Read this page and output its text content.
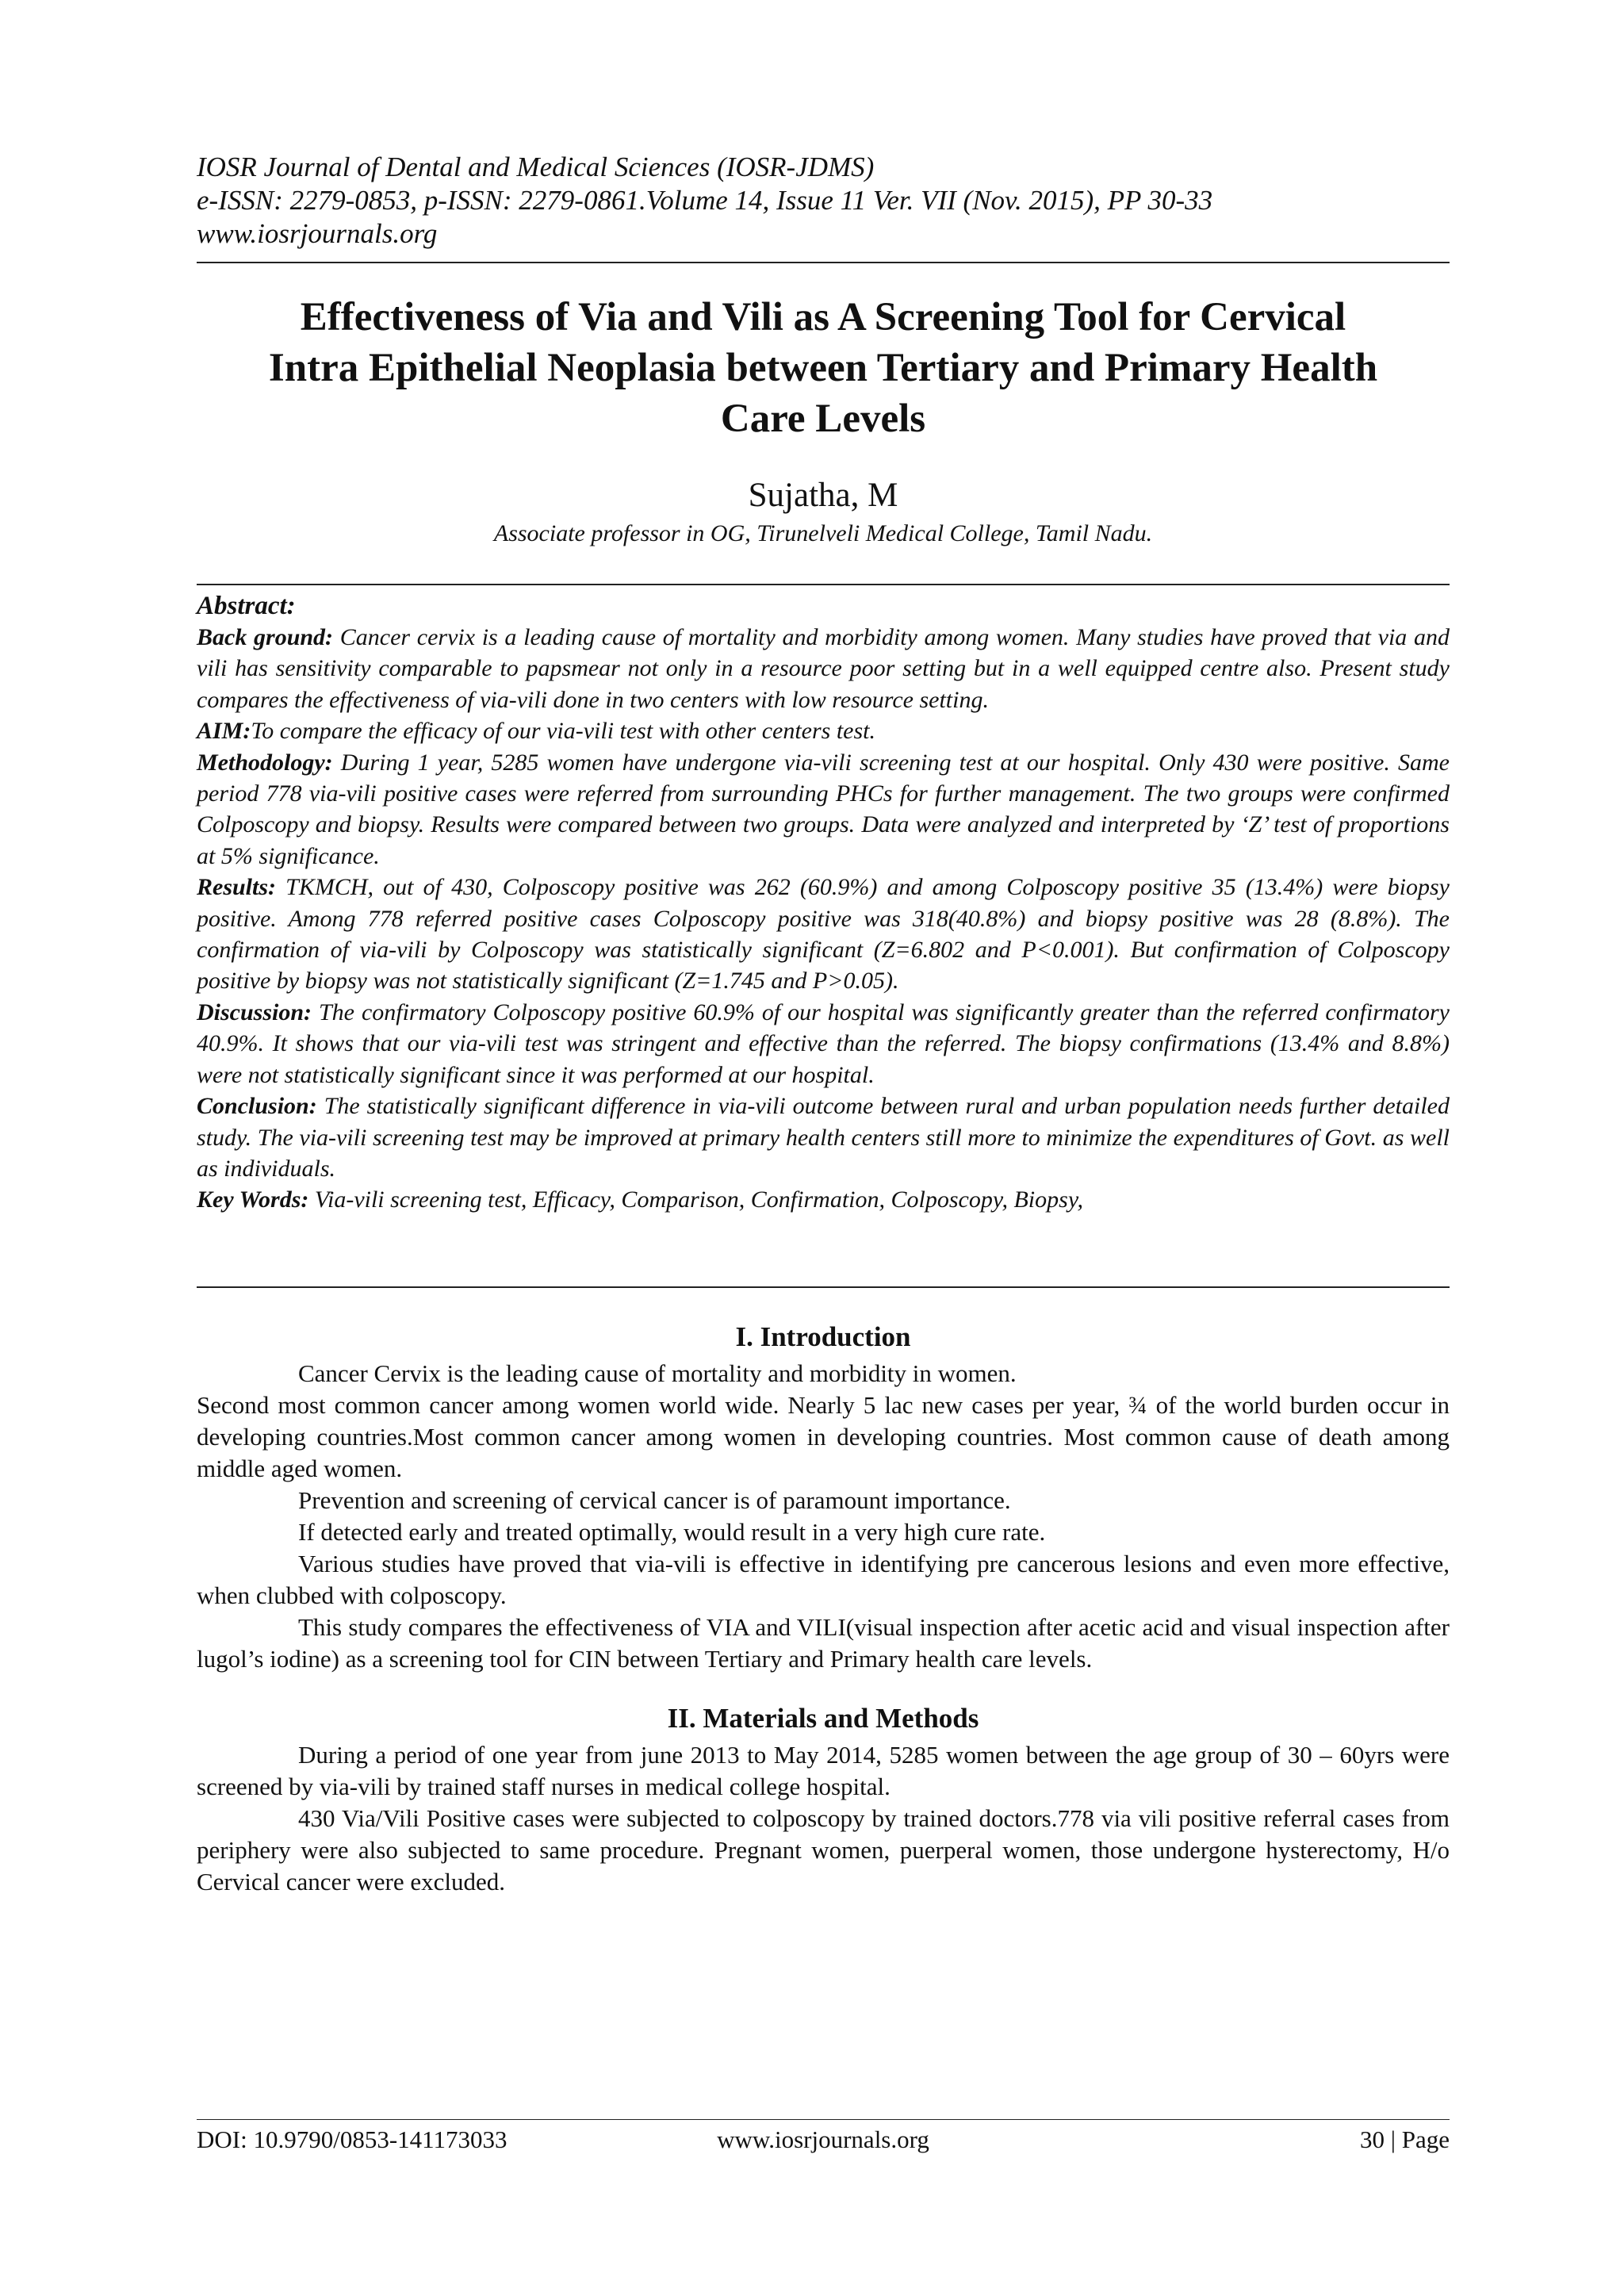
IOSR Journal of Dental and Medical Sciences (IOSR-JDMS)
e-ISSN: 2279-0853, p-ISSN: 2279-0861.Volume 14, Issue 11 Ver. VII (Nov. 2015), PP 30-33
www.iosrjournals.org
Effectiveness of Via and Vili as A Screening Tool for Cervical
Intra Epithelial Neoplasia between Tertiary and Primary Health
Care Levels
Sujatha, M
Associate professor in OG, Tirunelveli Medical College, Tamil Nadu.
Abstract:

Back ground: Cancer cervix is a leading cause of mortality and morbidity among women. Many studies have proved that via and vili has sensitivity comparable to papsmear not only in a resource poor setting but in a well equipped centre also. Present study compares the effectiveness of via-vili done in two centers with low resource setting.

AIM:To compare the efficacy of our via-vili test with other centers test.

Methodology: During 1 year, 5285 women have undergone via-vili screening test at our hospital. Only 430 were positive. Same period 778 via-vili positive cases were referred from surrounding PHCs for further management. The two groups were confirmed Colposcopy and biopsy. Results were compared between two groups. Data were analyzed and interpreted by ‘Z’ test of proportions at 5% significance.

Results: TKMCH, out of 430, Colposcopy positive was 262 (60.9%) and among Colposcopy positive 35 (13.4%) were biopsy positive. Among 778 referred positive cases Colposcopy positive was 318(40.8%) and biopsy positive was 28 (8.8%). The confirmation of via-vili by Colposcopy was statistically significant (Z=6.802 and P<0.001). But confirmation of Colposcopy positive by biopsy was not statistically significant (Z=1.745 and P>0.05).

Discussion: The confirmatory Colposcopy positive 60.9% of our hospital was significantly greater than the referred confirmatory 40.9%. It shows that our via-vili test was stringent and effective than the referred. The biopsy confirmations (13.4% and 8.8%) were not statistically significant since it was performed at our hospital.

Conclusion: The statistically significant difference in via-vili outcome between rural and urban population needs further detailed study. The via-vili screening test may be improved at primary health centers still more to minimize the expenditures of Govt. as well as individuals.

Key Words: Via-vili screening test, Efficacy, Comparison, Confirmation, Colposcopy, Biopsy,

I. Introduction

Cancer Cervix is the leading cause of mortality and morbidity in women.

Second most common cancer among women world wide. Nearly 5 lac new cases per year, ¾ of the world burden occur in developing countries.Most common cancer among women in developing countries. Most common cause of death among middle aged women.

Prevention and screening of cervical cancer is of paramount importance.

If detected early and treated optimally, would result in a very high cure rate.

Various studies have proved that via-vili is effective in identifying pre cancerous lesions and even more effective, when clubbed with colposcopy.

This study compares the effectiveness of VIA and VILI(visual inspection after acetic acid and visual inspection after lugol’s iodine) as a screening tool for CIN between Tertiary and Primary health care levels.

II. Materials and Methods

During a period of one year from june 2013 to May 2014, 5285 women between the age group of 30 – 60yrs were screened by via-vili by trained staff nurses in medical college hospital.

430 Via/Vili Positive cases were subjected to colposcopy by trained doctors.778 via vili positive referral cases from periphery were also subjected to same procedure. Pregnant women, puerperal women, those undergone hysterectomy, H/o Cervical cancer were excluded.

DOI: 10.9790/0853-141173033	www.iosrjournals.org	30 | Page
